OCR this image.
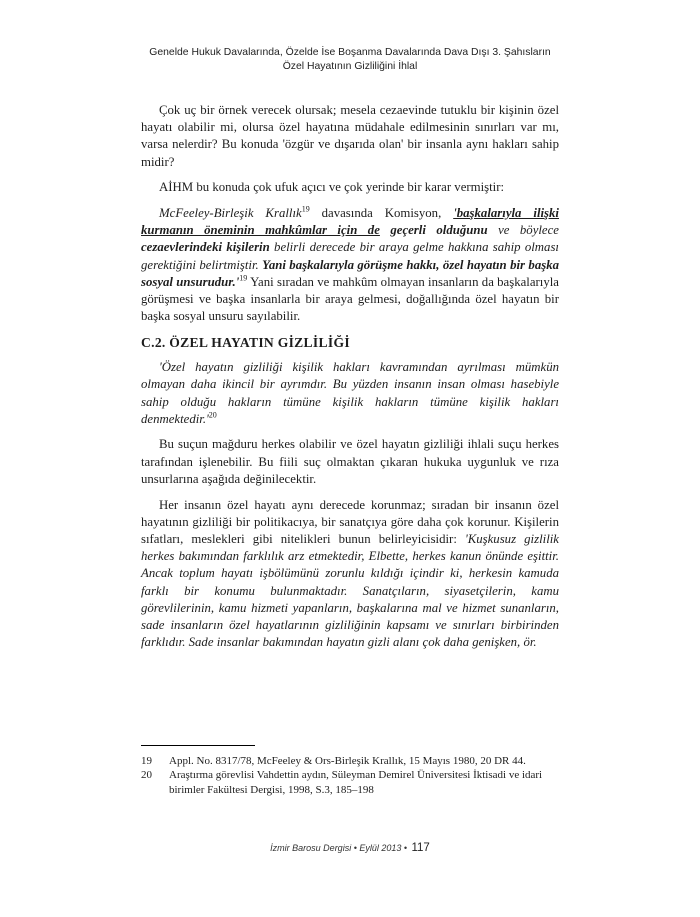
Genelde Hukuk Davalarında, Özelde İse Boşanma Davalarında Dava Dışı 3. Şahısların
Özel Hayatının Gizliliğini İhlal

Çok uç bir örnek verecek olursak; mesela cezaevinde tutuklu bir kişinin özel hayatı olabilir mi, olursa özel hayatına müdahale edilmesinin sınırları var mı, varsa nelerdir? Bu konuda 'özgür ve dışarıda olan' bir insanla aynı hakları sahip midir?

AİHM bu konuda çok ufuk açıcı ve çok yerinde bir karar vermiştir:

McFeeley-Birleşik Krallık$^{19}$ davasında Komisyon, 'başkalarıyla ilişki kurmanın öneminin mahkûmlar için de geçerli olduğunu ve böylece cezaevlerindeki kişilerin belirli derecede bir araya gelme hakkına sahip olması gerektiğini belirtmiştir. Yani başkalarıyla görüşme hakkı, özel hayatın bir başka sosyal $unsurudur.'^{19}$ Yani sıradan ve mahkûm olmayan insanların da başkalarıyla görüşmesi ve başka insanlarla bir araya gelmesi, doğallığında özel hayatın bir başka sosyal unsuru sayılabilir.

C.2. ÖZEL HAYATIN GİZLİLİĞİ

'Özel hayatın gizliliği kişilik hakları kavramından ayrılması mümkün olmayan daha ikincil bir ayrımdır. Bu yüzden insanın insan olması hasebiyle sahip olduğu hakların tümüne kişilik hakların tümüne kişilik hakları $denmektedir.'^{20}$

Bu suçun mağduru herkes olabilir ve özel hayatın gizliliği ihlali suçu herkes tarafından işlenebilir. Bu fiili suç olmaktan çıkaran hukuka uygunluk ve rıza unsurlarına aşağıda değinilecektir.

Her insanın özel hayatı aynı derecede korunmaz; sıradan bir insanın özel hayatının gizliliği bir politikacıya, bir sanatçıya göre daha çok korunur. Kişilerin sıfatları, meslekleri gibi nitelikleri bunun belirleyicisidir: 'Kuşkusuz gizlilik herkes bakımından farklılık arz etmektedir, Elbette, herkes kanun önünde eşittir. Ancak toplum hayatı işbölümünü zorunlu kıldığı içindir ki, herkesin kamuda farklı bir konumu bulunmaktadır. Sanatçıların, siyasetçilerin, kamu görevlilerinin, kamu hizmeti yapanların, başkalarına mal ve hizmet sunanların, sade insanların özel hayatlarının gizliliğinin kapsamı ve sınırları birbirinden farklıdır. Sade insanlar bakımından hayatın gizli alanı çok daha genişken, ör.

19	Appl. No. 8317/78, McFeeley & Ors-Birleşik Krallık, 15 Mayıs 1980, 20 DR 44.
20	Araştırma görevlisi Vahdettin aydın, Süleyman Demirel Üniversitesi İktisadi ve idari birimler Fakültesi Dergisi, 1998, S.3, 185–198
İzmir Barosu Dergisi • Eylül 2013 • 117
